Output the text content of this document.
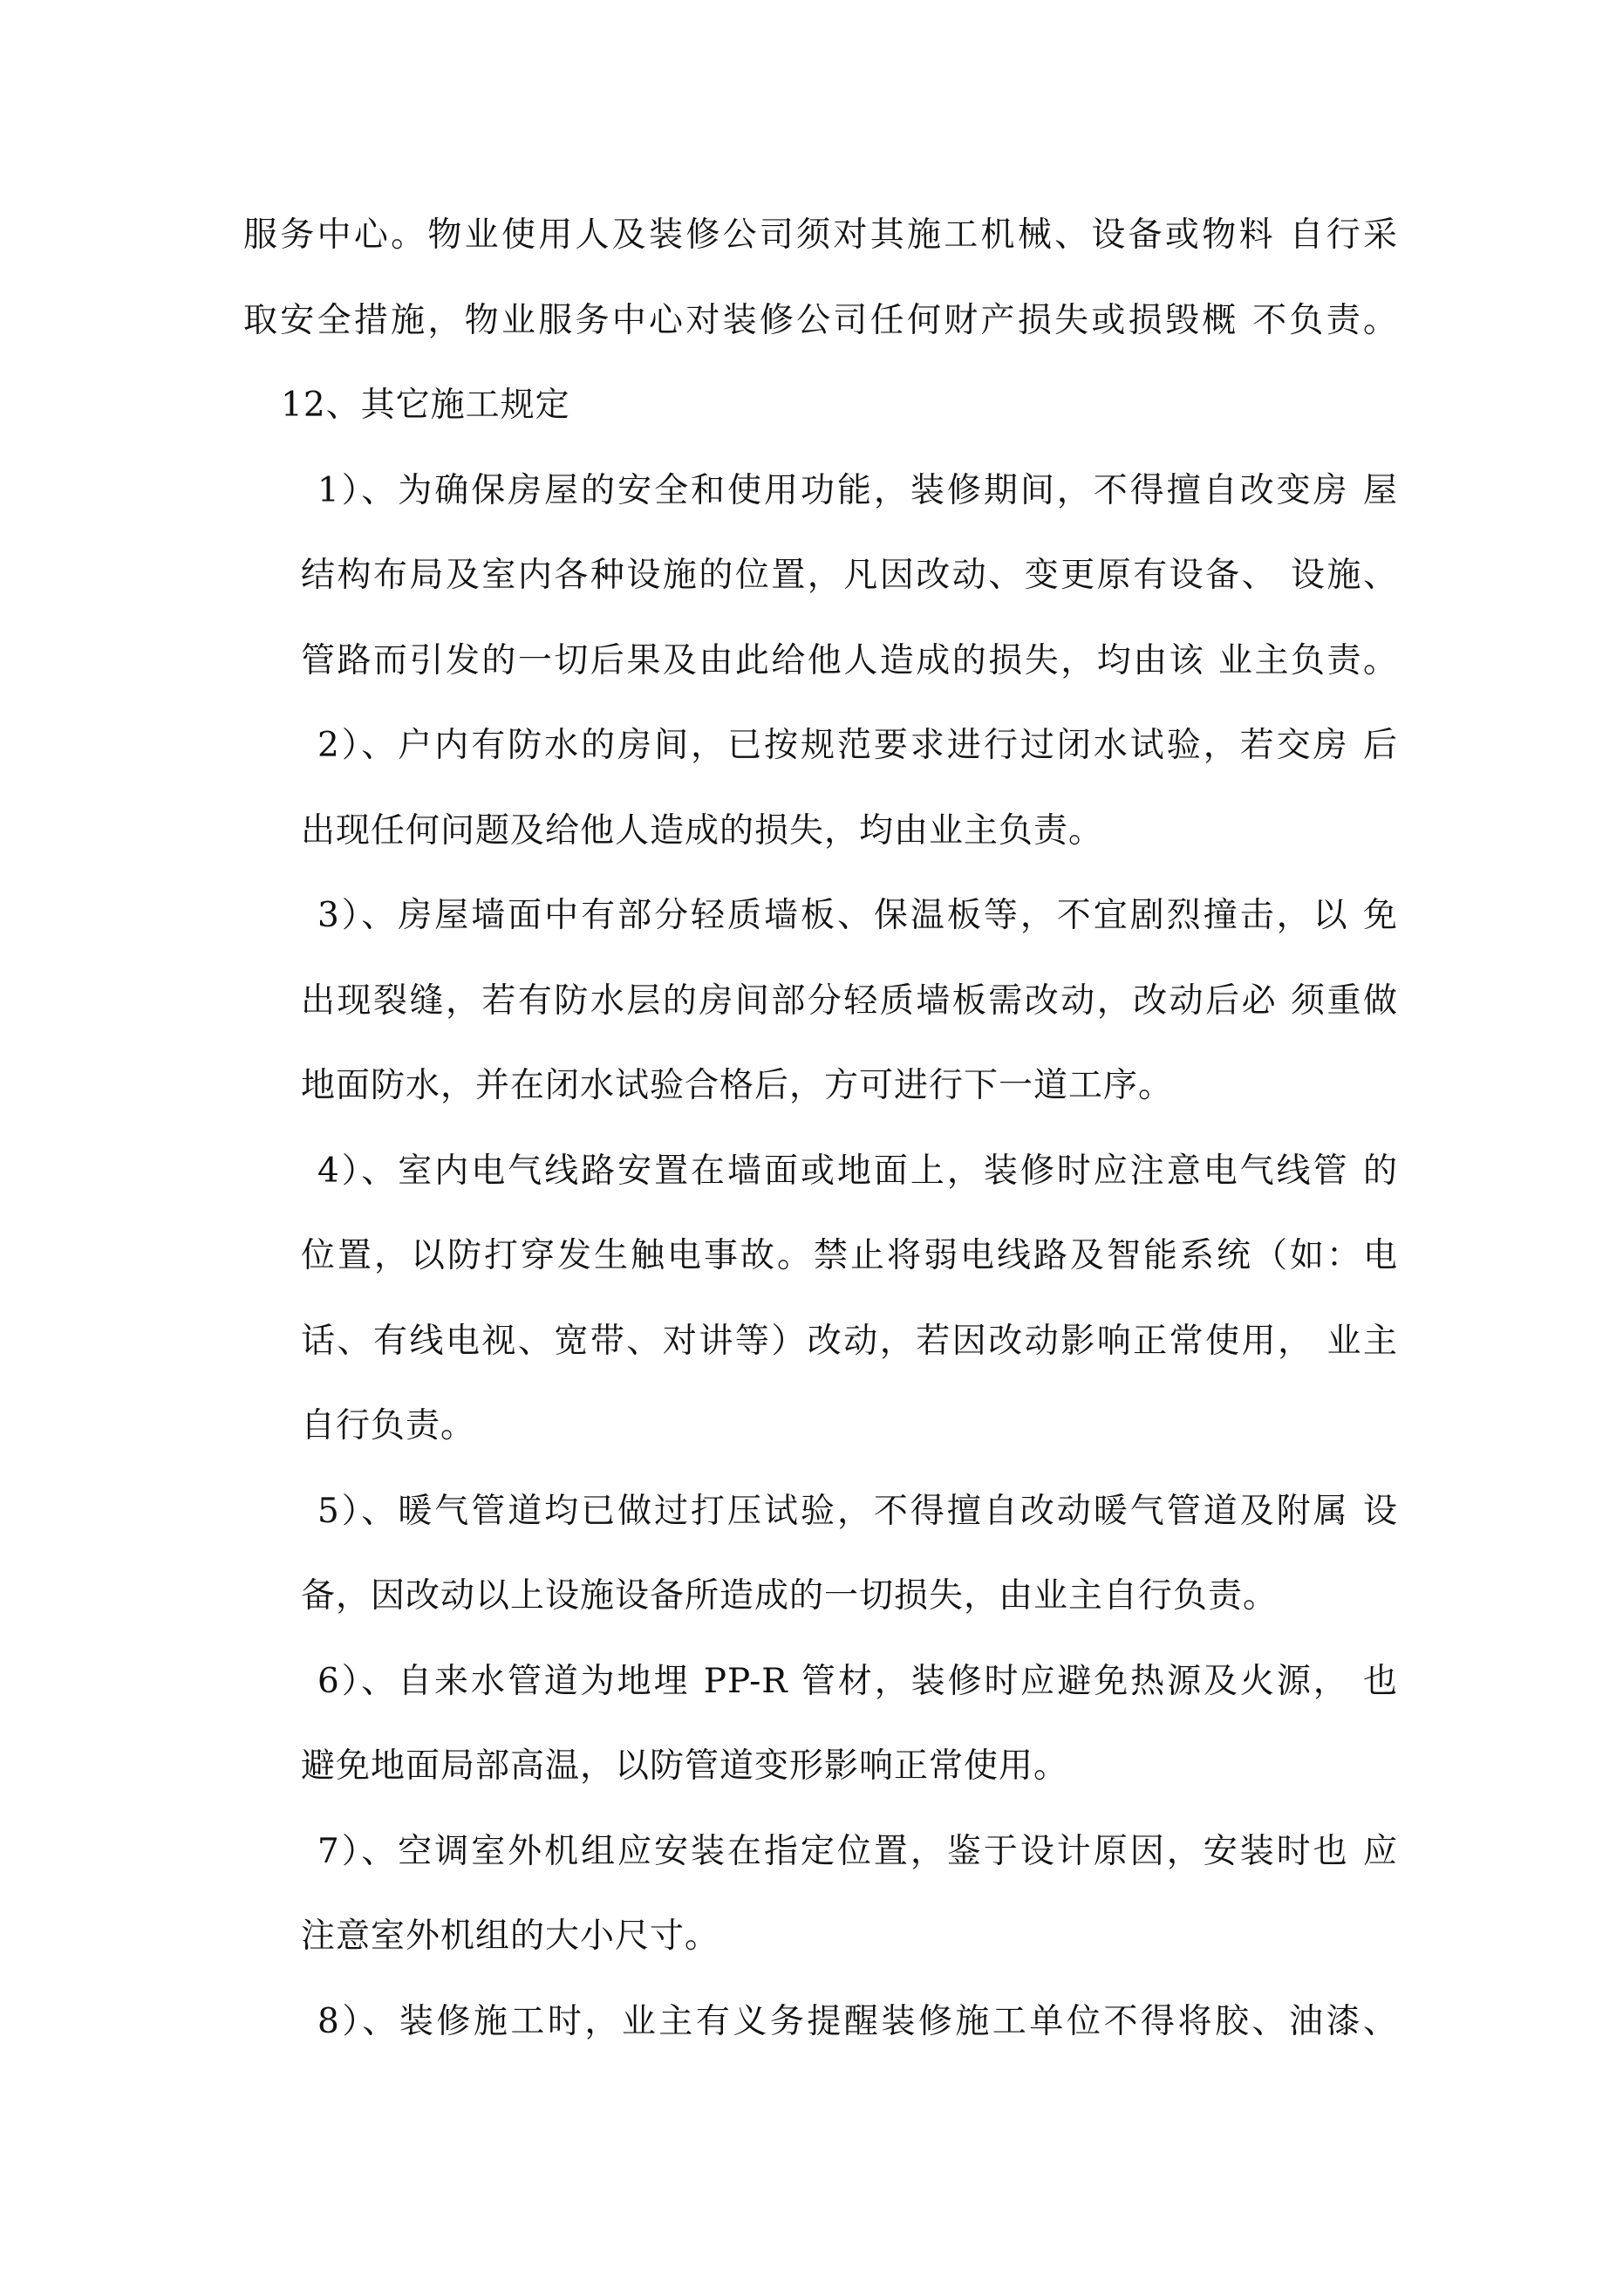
服务中心。物业使用人及装修公司须对其施工机械、设备或物料 自行采

取安全措施，物业服务中心对装修公司任何财产损失或损毁概 不负责。

12、其它施工规定

1）、为确保房屋的安全和使用功能，装修期间，不得擅自改变房 屋

结构布局及室内各种设施的位置，凡因改动、变更原有设备、 设施、

管路而引发的一切后果及由此给他人造成的损失，均由该 业主负责。

2）、户内有防水的房间，已按规范要求进行过闭水试验，若交房 后

出现任何问题及给他人造成的损失，均由业主负责。

3）、房屋墙面中有部分轻质墙板、保温板等，不宜剧烈撞击，以 免

出现裂缝，若有防水层的房间部分轻质墙板需改动，改动后必 须重做

地面防水，并在闭水试验合格后，方可进行下一道工序。

4）、室内电气线路安置在墙面或地面上，装修时应注意电气线管 的

位置，以防打穿发生触电事故。禁止将弱电线路及智能系统（如：电

话、有线电视、宽带、对讲等）改动，若因改动影响正常使用， 业主

自行负责。

5）、暖气管道均已做过打压试验，不得擅自改动暖气管道及附属 设

备，因改动以上设施设备所造成的一切损失，由业主自行负责。

6）、自来水管道为地埋 PP-R 管材，装修时应避免热源及火源， 也

避免地面局部高温，以防管道变形影响正常使用。

7）、空调室外机组应安装在指定位置，鉴于设计原因，安装时也 应

注意室外机组的大小尺寸。

8）、装修施工时，业主有义务提醒装修施工单位不得将胶、油漆、
